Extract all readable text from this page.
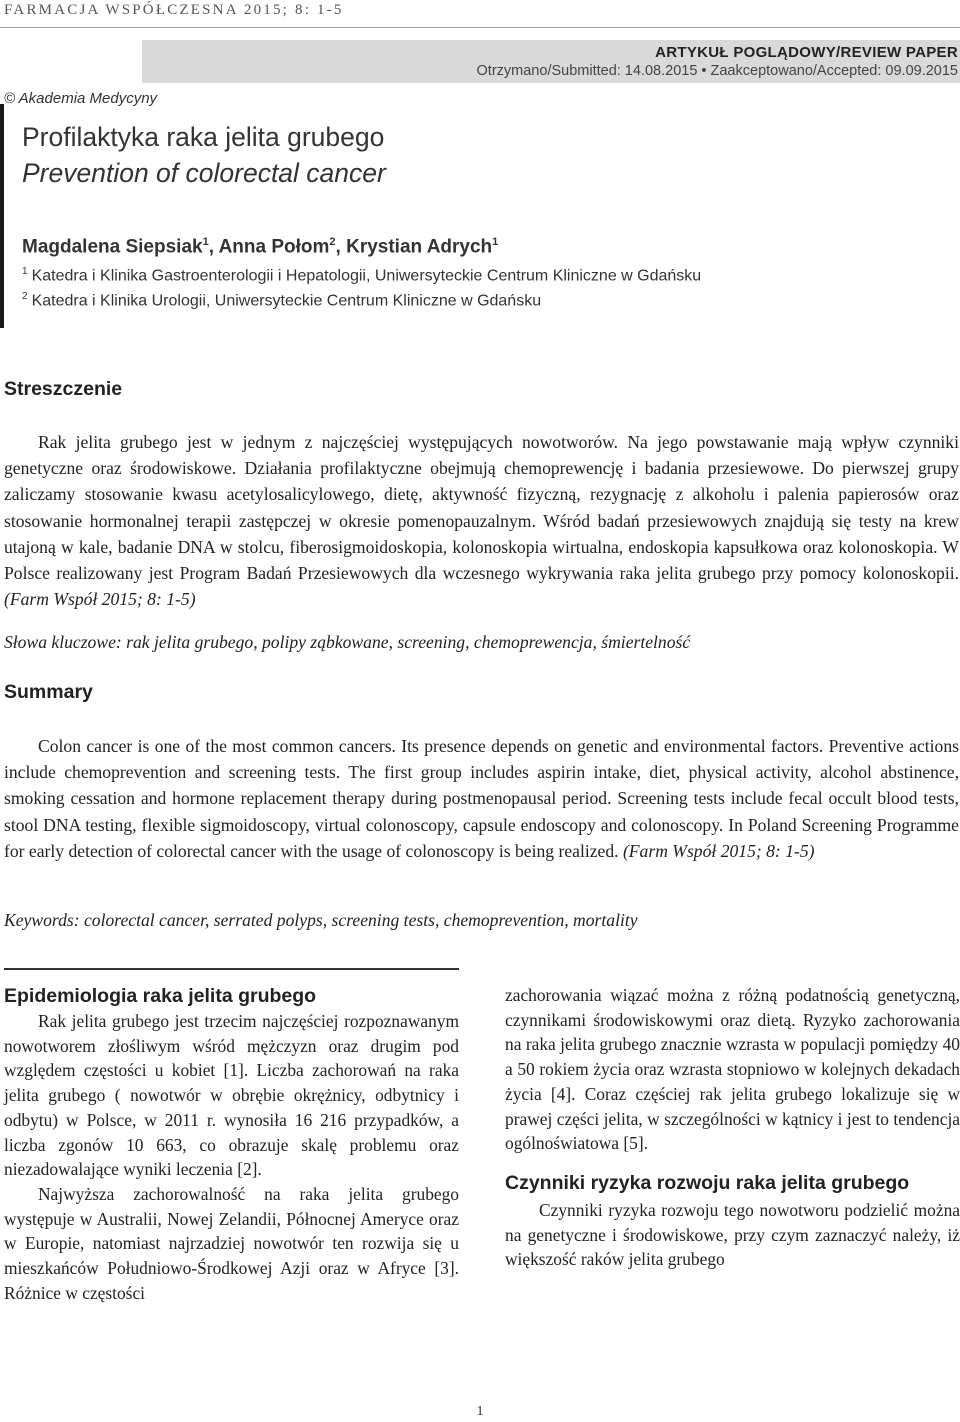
FARMACJA WSPÓŁCZESNA 2015; 8: 1-5
ARTYKUŁ POGLĄDOWY/REVIEW PAPER
Otrzymano/Submitted: 14.08.2015 • Zaakceptowano/Accepted: 09.09.2015
© Akademia Medycyny
Profilaktyka raka jelita grubego
Prevention of colorectal cancer
Magdalena Siepsiak$^1$, Anna Połom$^2$, Krystian Adrych$^1$
$^1$ Katedra i Klinika Gastroenterologii i Hepatologii, Uniwersyteckie Centrum Kliniczne w Gdańsku
$^2$ Katedra i Klinika Urologii, Uniwersyteckie Centrum Kliniczne w Gdańsku
Streszczenie

Rak jelita grubego jest w jednym z najczęściej występujących nowotworów. Na jego powstawanie mają wpływ czynniki genetyczne oraz środowiskowe. Działania profilaktyczne obejmują chemoprewencję i badania przesiewowe. Do pierwszej grupy zaliczamy stosowanie kwasu acetylosalicylowego, dietę, aktywność fizyczną, rezygnację z alkoholu i palenia papierosów oraz stosowanie hormonalnej terapii zastępczej w okresie pomenopauzalnym. Wśród badań przesiewowych znajdują się testy na krew utajoną w kale, badanie DNA w stolcu, fiberosigmoidoskopia, kolonoskopia wirtualna, endoskopia kapsułkowa oraz kolonoskopia. W Polsce realizowany jest Program Badań Przesiewowych dla wczesnego wykrywania raka jelita grubego przy pomocy kolonoskopii. (Farm Współ 2015; 8: 1-5)

Słowa kluczowe: rak jelita grubego, polipy ząbkowane, screening, chemoprewencja, śmiertelność

Summary

Colon cancer is one of the most common cancers. Its presence depends on genetic and environmental factors. Preventive actions include chemoprevention and screening tests. The first group includes aspirin intake, diet, physical activity, alcohol abstinence, smoking cessation and hormone replacement therapy during postmenopausal period. Screening tests include fecal occult blood tests, stool DNA testing, flexible sigmoidoscopy, virtual colonoscopy, capsule endoscopy and colonoscopy. In Poland Screening Programme for early detection of colorectal cancer with the usage of colonoscopy is being realized. (Farm Współ 2015; 8: 1-5)

Keywords: colorectal cancer, serrated polyps, screening tests, chemoprevention, mortality

Epidemiologia raka jelita grubego

Rak jelita grubego jest trzecim najczęściej rozpoznawanym nowotworem złośliwym wśród mężczyzn oraz drugim pod względem częstości u kobiet [1]. Liczba zachorowań na raka jelita grubego ( nowotwór w obrębie okrężnicy, odbytnicy i odbytu) w Polsce, w 2011 r. wynosiła 16 216 przypadków, a liczba zgonów 10 663, co obrazuje skalę problemu oraz niezadowalające wyniki leczenia [2].

Najwyższa zachorowalność na raka jelita grubego występuje w Australii, Nowej Zelandii, Północnej Ameryce oraz w Europie, natomiast najrzadziej nowotwór ten rozwija się u mieszkańców Południowo-Środkowej Azji oraz w Afryce [3]. Różnice w częstości

zachorowania wiązać można z różną podatnością genetyczną, czynnikami środowiskowymi oraz dietą. Ryzyko zachorowania na raka jelita grubego znacznie wzrasta w populacji pomiędzy 40 a 50 rokiem życia oraz wzrasta stopniowo w kolejnych dekadach życia [4]. Coraz częściej rak jelita grubego lokalizuje się w prawej części jelita, w szczególności w kątnicy i jest to tendencja ogólnoświatowa [5].

Czynniki ryzyka rozwoju raka jelita grubego

Czynniki ryzyka rozwoju tego nowotworu podzielić można na genetyczne i środowiskowe, przy czym zaznaczyć należy, iż większość raków jelita grubego

1
